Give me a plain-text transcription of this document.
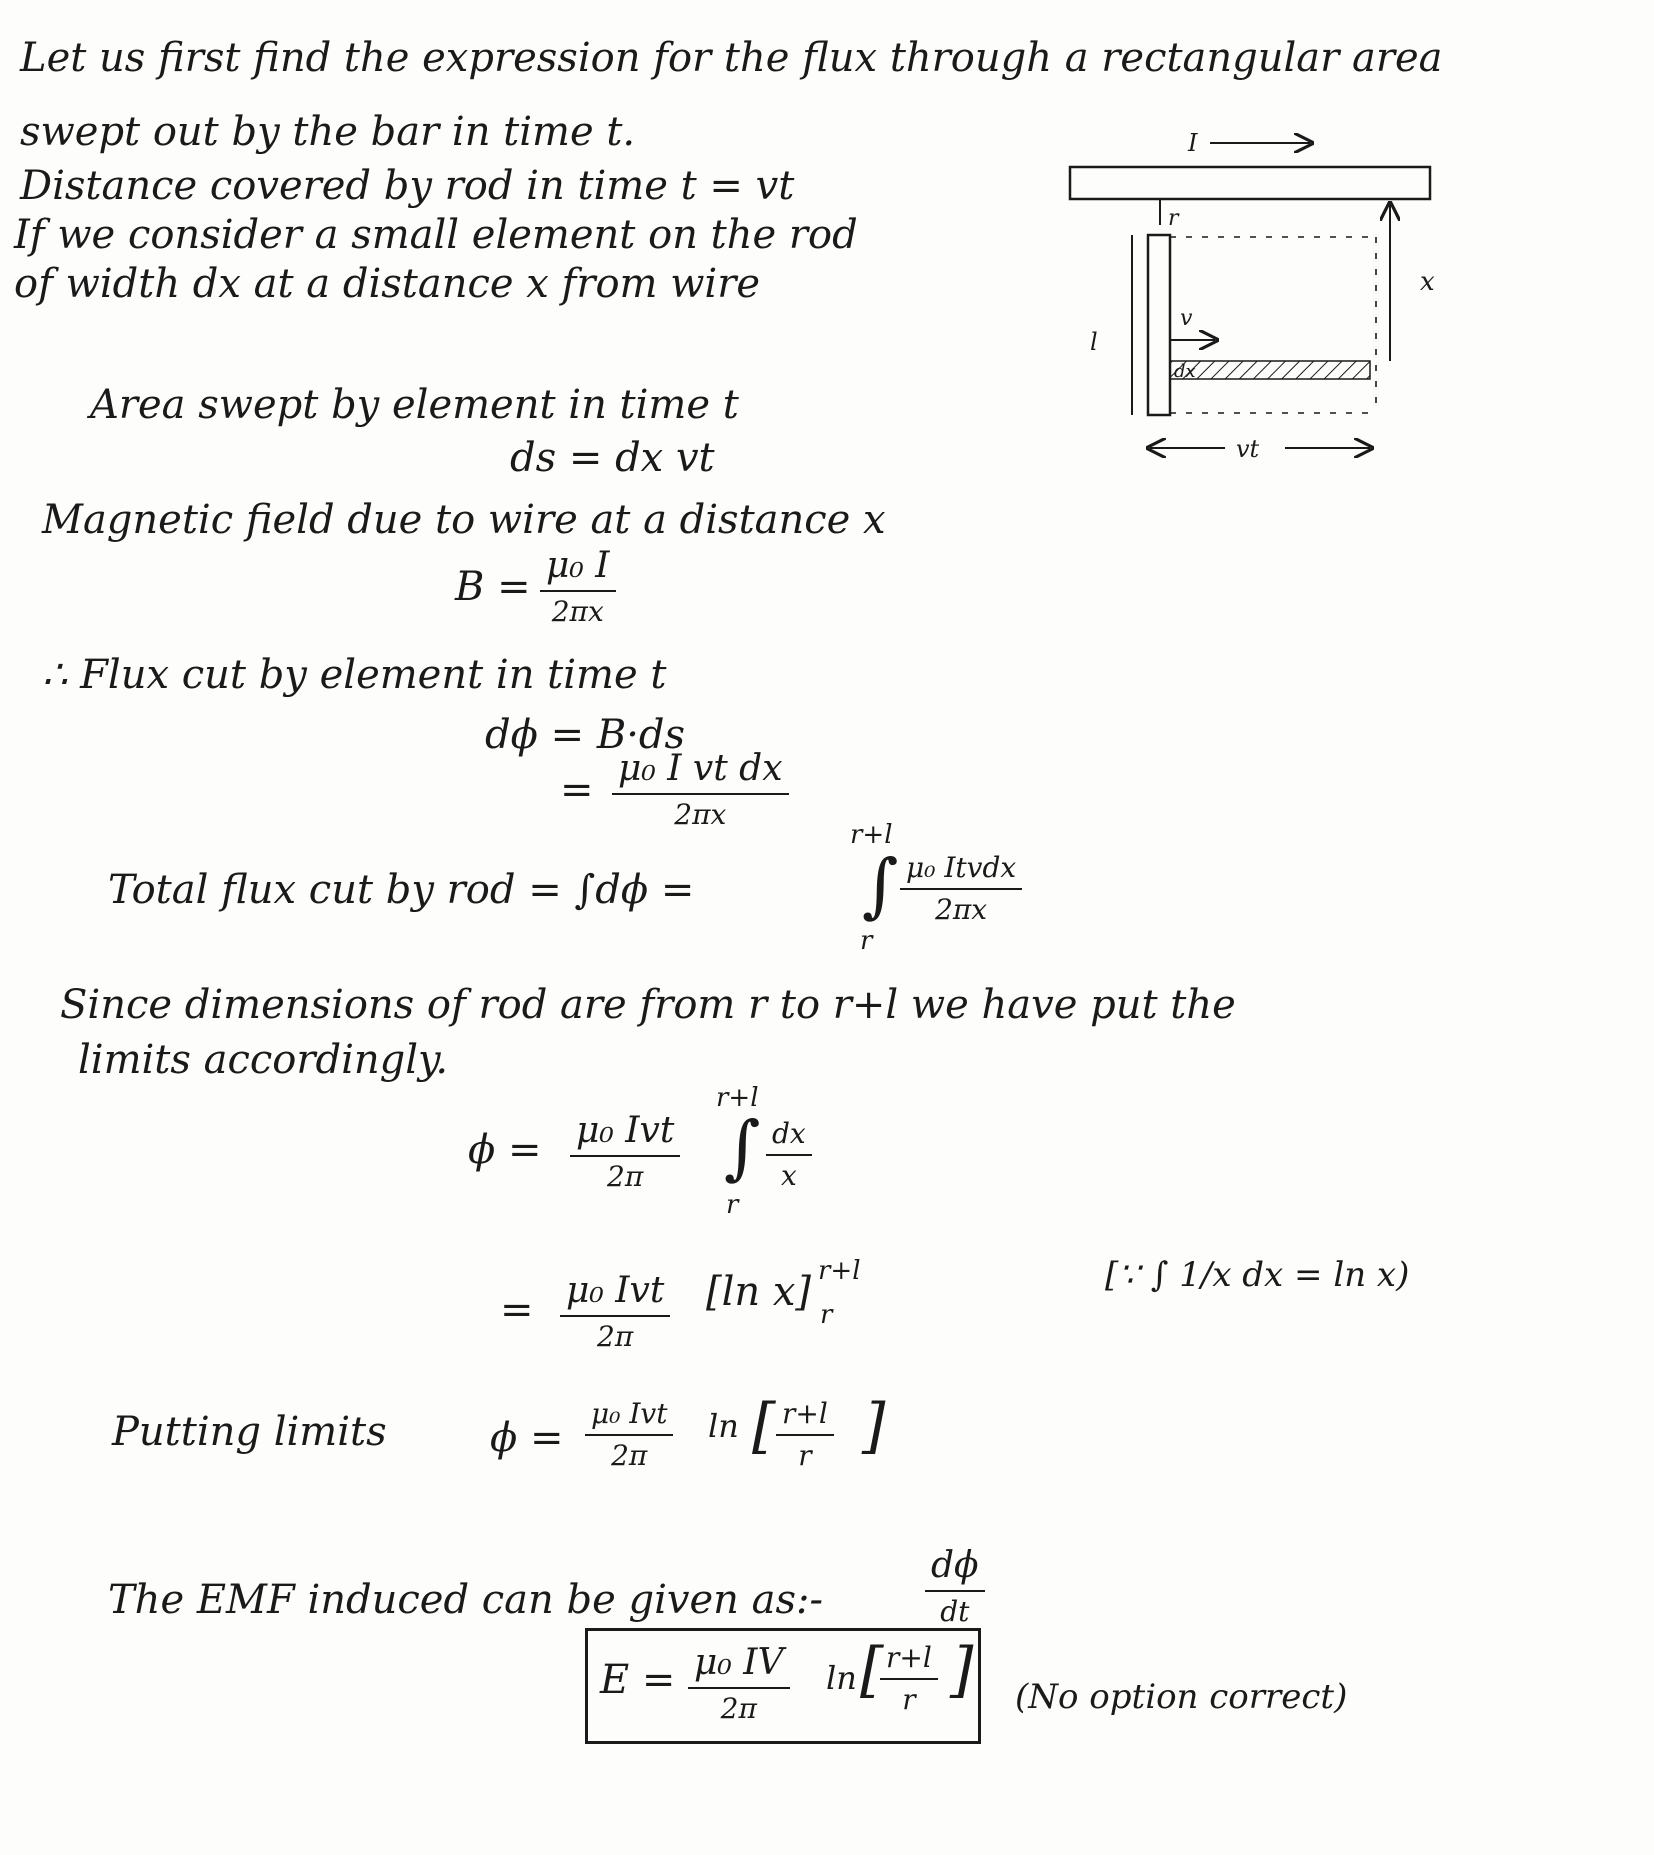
Let us first find the expression for the flux through a rectangular area
swept out by the bar in time t.
Distance covered by rod in time t = vt
If we consider a small element on the rod
of width dx at a distance x from wire
I
r
x
l
dx
v
vt
Area swept by element in time t
ds = dx vt
Magnetic field due to wire at a distance x
B = μ₀ I
2πx
∴ Flux cut by element in time t
dϕ = B·ds
= μ₀ I vt dx
2πx
Total flux cut by rod = ∫dϕ =
r+l
∫
r
μ₀ Itvdx
2πx
Since dimensions of rod are from r to r+l we have put the
limits accordingly.
ϕ = μ₀ Ivt
2π
r+l
∫
r
$\frac{dx}{x}$
= μ₀ Ivt
2π
[ln x] r+l
r
[∵ ∫ 1/x dx = ln x)
Putting limits	ϕ =
μ₀ Ivt
2π
ln [ $\frac{r+l}{r}$ ]
The EMF induced can be given as:-
dϕ
dt
E = μ₀ IV
2π
ln [
$\frac{r+l}{r}$ ] (No option correct)
